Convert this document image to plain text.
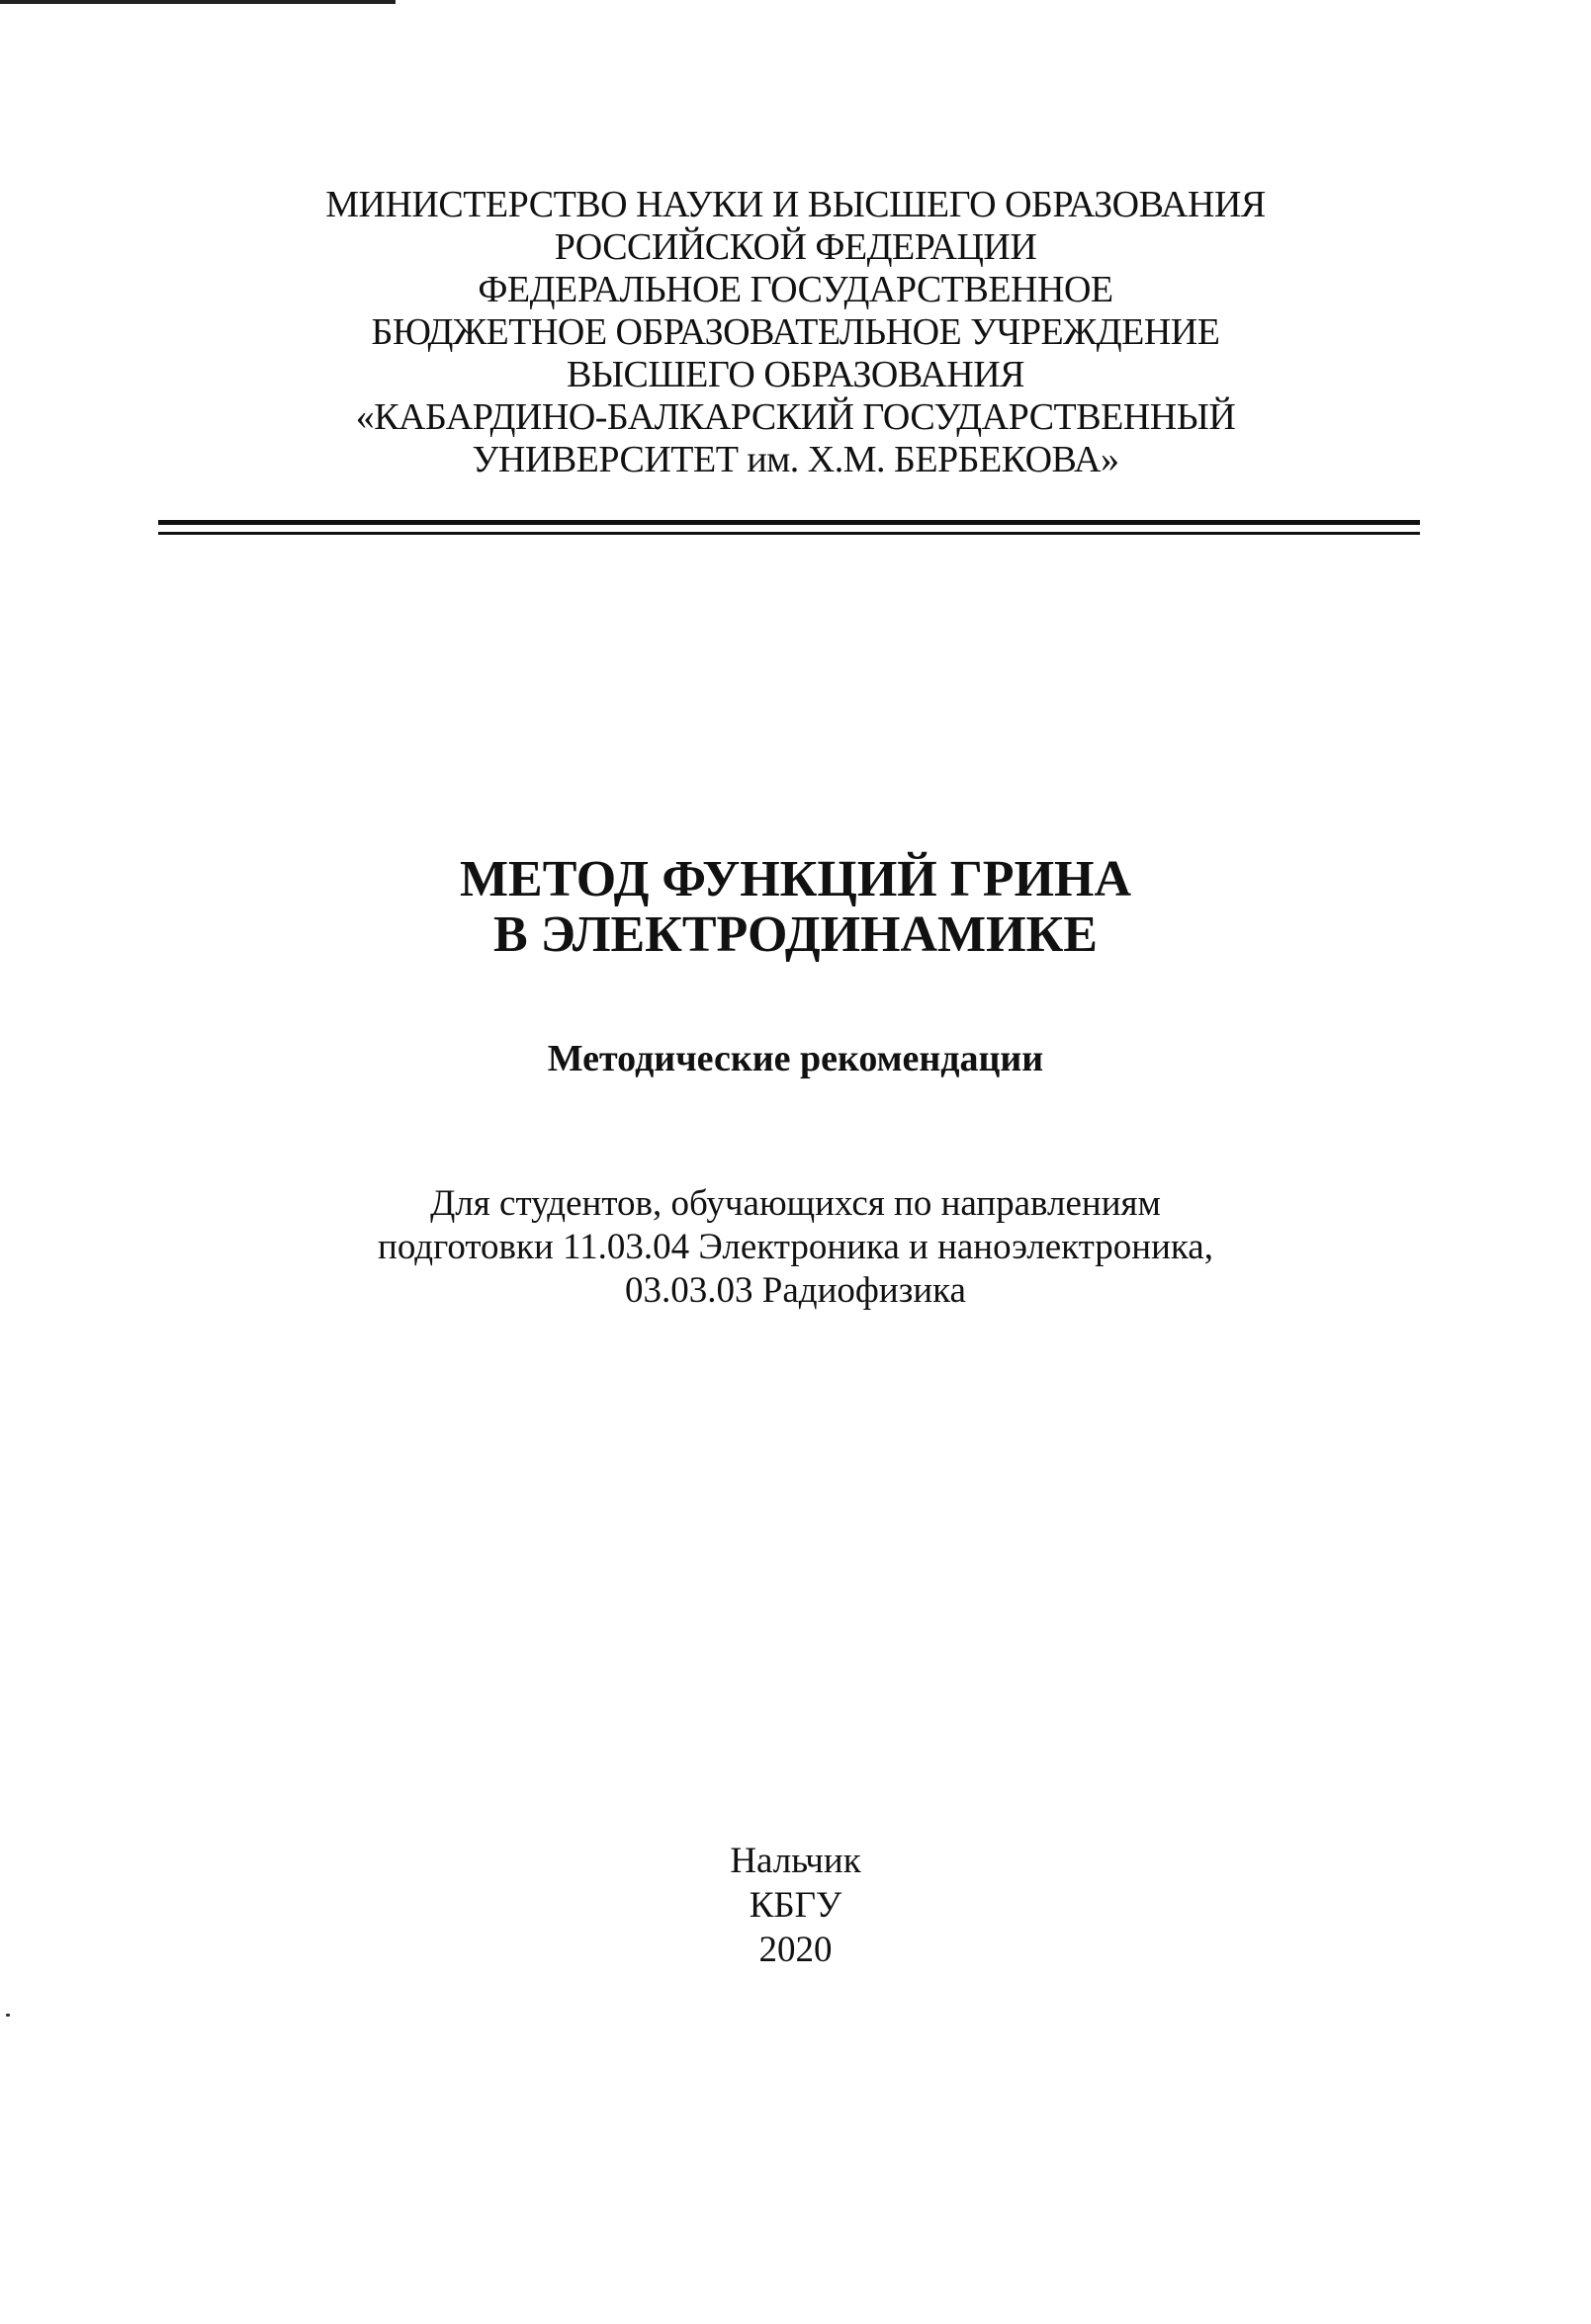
МИНИСТЕРСТВО НАУКИ И ВЫСШЕГО ОБРАЗОВАНИЯ
РОССИЙСКОЙ ФЕДЕРАЦИИ
ФЕДЕРАЛЬНОЕ ГОСУДАРСТВЕННОЕ
БЮДЖЕТНОЕ ОБРАЗОВАТЕЛЬНОЕ УЧРЕЖДЕНИЕ
ВЫСШЕГО ОБРАЗОВАНИЯ
«КАБАРДИНО-БАЛКАРСКИЙ ГОСУДАРСТВЕННЫЙ
УНИВЕРСИТЕТ им. Х.М. БЕРБЕКОВА»
МЕТОД ФУНКЦИЙ ГРИНА
В ЭЛЕКТРОДИНАМИКЕ
Методические рекомендации
Для студентов, обучающихся по направлениям
подготовки 11.03.04 Электроника и наноэлектроника,
03.03.03 Радиофизика
Нальчик
КБГУ
2020
